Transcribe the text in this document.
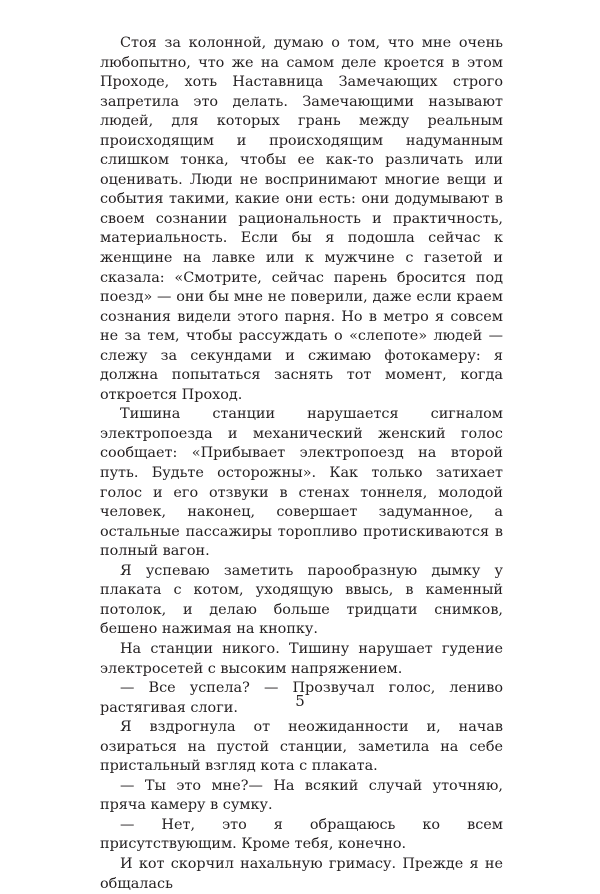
Стоя за колонной, думаю о том, что мне очень любопытно, что же на самом деле кроется в этом Проходе, хоть Наставница Замечающих строго запретила это делать. Замечающими называют людей, для которых грань между реальным происходящим и происходящим надуманным слишком тонка, чтобы ее как-то различать или оценивать. Люди не воспринимают многие вещи и события такими, какие они есть: они додумывают в своем сознании рациональность и практичность, материальность. Если бы я подошла сейчас к женщине на лавке или к мужчине с газетой и сказала: «Смотрите, сейчас парень бросится под поезд» — они бы мне не поверили, даже если краем сознания видели этого парня. Но в метро я совсем не за тем, чтобы рассуждать о «слепоте» людей — слежу за секундами и сжимаю фотокамеру: я должна попытаться заснять тот момент, когда откроется Проход.

Тишина станции нарушается сигналом электропоезда и механический женский голос сообщает: «Прибывает электропоезд на второй путь. Будьте осторожны». Как только затихает голос и его отзвуки в стенах тоннеля, молодой человек, наконец, совершает задуманное, а остальные пассажиры торопливо протискиваются в полный вагон.

Я успеваю заметить парообразную дымку у плаката с котом, уходящую ввысь, в каменный потолок, и делаю больше тридцати снимков, бешено нажимая на кнопку.

На станции никого. Тишину нарушает гудение электросетей с высоким напряжением.

— Все успела? — Прозвучал голос, лениво растягивая слоги.

Я вздрогнула от неожиданности и, начав озираться на пустой станции, заметила на себе пристальный взгляд кота с плаката.

— Ты это мне?— На всякий случай уточняю, пряча камеру в сумку.

— Нет, это я обращаюсь ко всем присутствующим. Кроме тебя, конечно.

И кот скорчил нахальную гримасу. Прежде я не общалась

5
